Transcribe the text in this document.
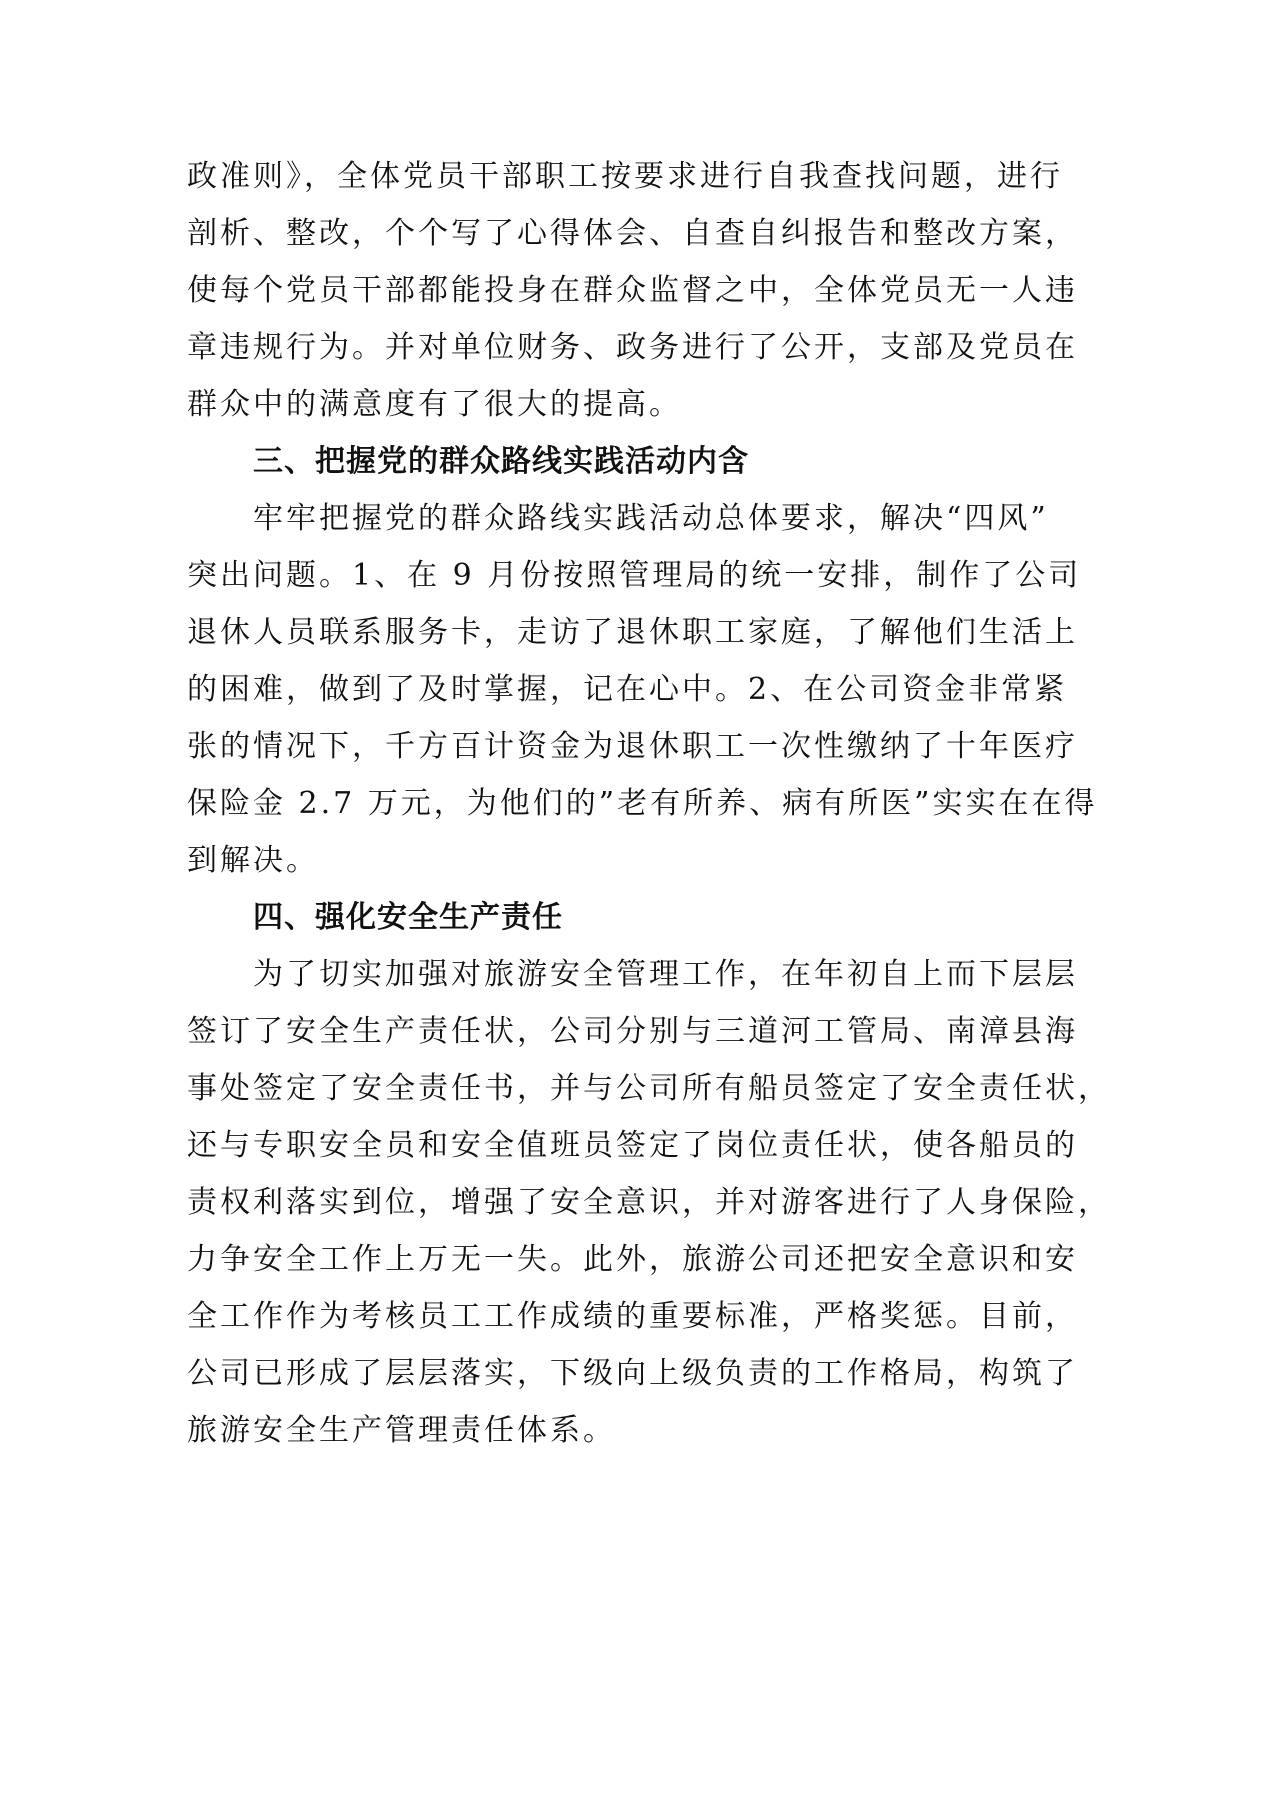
政准则》，全体党员干部职工按要求进行自我查找问题，进行
剖析、整改，个个写了心得体会、自查自纠报告和整改方案，
使每个党员干部都能投身在群众监督之中，全体党员无一人违
章违规行为。并对单位财务、政务进行了公开，支部及党员在
群众中的满意度有了很大的提高。
三、把握党的群众路线实践活动内含
牢牢把握党的群众路线实践活动总体要求，解决“四风”
突出问题。1、在 9 月份按照管理局的统一安排，制作了公司
退休人员联系服务卡，走访了退休职工家庭，了解他们生活上
的困难，做到了及时掌握，记在心中。2、在公司资金非常紧
张的情况下，千方百计资金为退休职工一次性缴纳了十年医疗
保险金 2.7 万元，为他们的”老有所养、病有所医”实实在在得
到解决。
四、强化安全生产责任
为了切实加强对旅游安全管理工作，在年初自上而下层层
签订了安全生产责任状，公司分别与三道河工管局、南漳县海
事处签定了安全责任书，并与公司所有船员签定了安全责任状，
还与专职安全员和安全值班员签定了岗位责任状，使各船员的
责权利落实到位，增强了安全意识，并对游客进行了人身保险，
力争安全工作上万无一失。此外，旅游公司还把安全意识和安
全工作作为考核员工工作成绩的重要标准，严格奖惩。目前，
公司已形成了层层落实，下级向上级负责的工作格局，构筑了
旅游安全生产管理责任体系。
